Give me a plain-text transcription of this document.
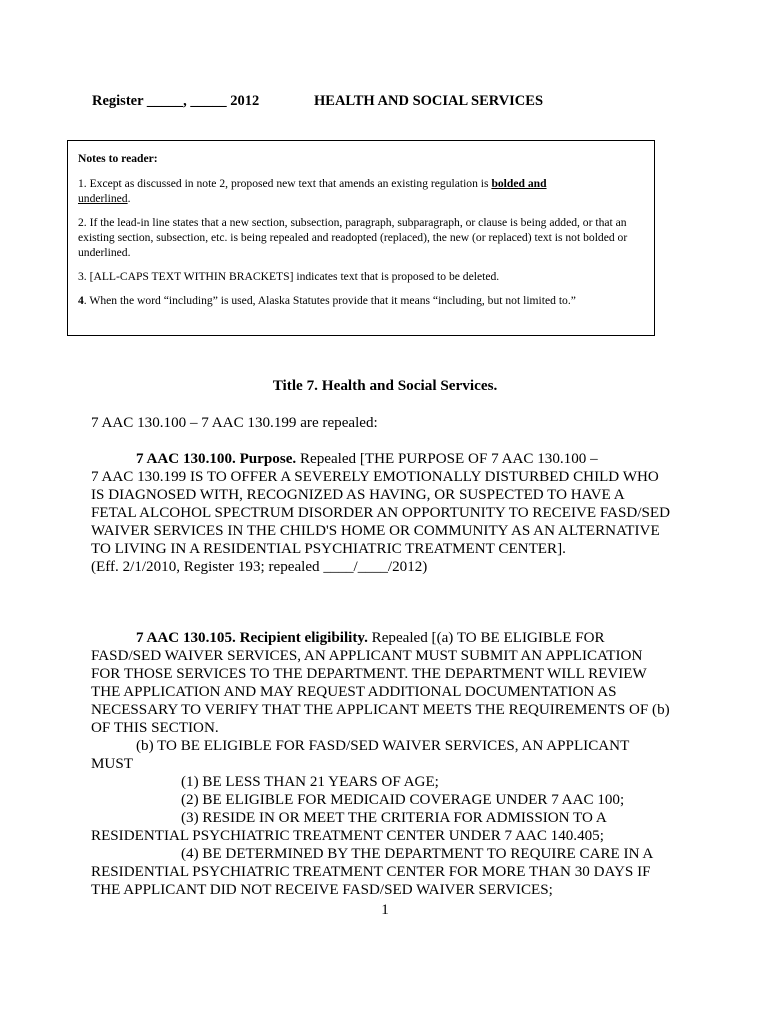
Register _____, _____ 2012	HEALTH AND SOCIAL SERVICES

Notes to reader:

1. Except as discussed in note 2, proposed new text that amends an existing regulation is bolded and
underlined.

2. If the lead-in line states that a new section, subsection, paragraph, subparagraph, or clause is being added, or that an existing section, subsection, etc. is being repealed and readopted (replaced), the new (or replaced) text is not bolded or underlined.

3. [ALL-CAPS TEXT WITHIN BRACKETS] indicates text that is proposed to be deleted.

4. When the word “including” is used, Alaska Statutes provide that it means “including, but not limited to.”

Title 7. Health and Social Services.
7 AAC 130.100 – 7 AAC 130.199 are repealed:

7 AAC 130.100. Purpose. Repealed [THE PURPOSE OF 7 AAC 130.100 –

7 AAC 130.199 IS TO OFFER A SEVERELY EMOTIONALLY DISTURBED CHILD WHO

IS DIAGNOSED WITH, RECOGNIZED AS HAVING, OR SUSPECTED TO HAVE A

FETAL ALCOHOL SPECTRUM DISORDER AN OPPORTUNITY TO RECEIVE FASD/SED

WAIVER SERVICES IN THE CHILD'S HOME OR COMMUNITY AS AN ALTERNATIVE

TO LIVING IN A RESIDENTIAL PSYCHIATRIC TREATMENT CENTER].

(Eff. 2/1/2010, Register 193; repealed ____/____/2012)

7 AAC 130.105. Recipient eligibility. Repealed [(a) TO BE ELIGIBLE FOR

FASD/SED WAIVER SERVICES, AN APPLICANT MUST SUBMIT AN APPLICATION

FOR THOSE SERVICES TO THE DEPARTMENT. THE DEPARTMENT WILL REVIEW

THE APPLICATION AND MAY REQUEST ADDITIONAL DOCUMENTATION AS

NECESSARY TO VERIFY THAT THE APPLICANT MEETS THE REQUIREMENTS OF (b)

OF THIS SECTION.

(b) TO BE ELIGIBLE FOR FASD/SED WAIVER SERVICES, AN APPLICANT

MUST

(1) BE LESS THAN 21 YEARS OF AGE;

(2) BE ELIGIBLE FOR MEDICAID COVERAGE UNDER 7 AAC 100;

(3) RESIDE IN OR MEET THE CRITERIA FOR ADMISSION TO A

RESIDENTIAL PSYCHIATRIC TREATMENT CENTER UNDER 7 AAC 140.405;

(4) BE DETERMINED BY THE DEPARTMENT TO REQUIRE CARE IN A

RESIDENTIAL PSYCHIATRIC TREATMENT CENTER FOR MORE THAN 30 DAYS IF

THE APPLICANT DID NOT RECEIVE FASD/SED WAIVER SERVICES;

1
